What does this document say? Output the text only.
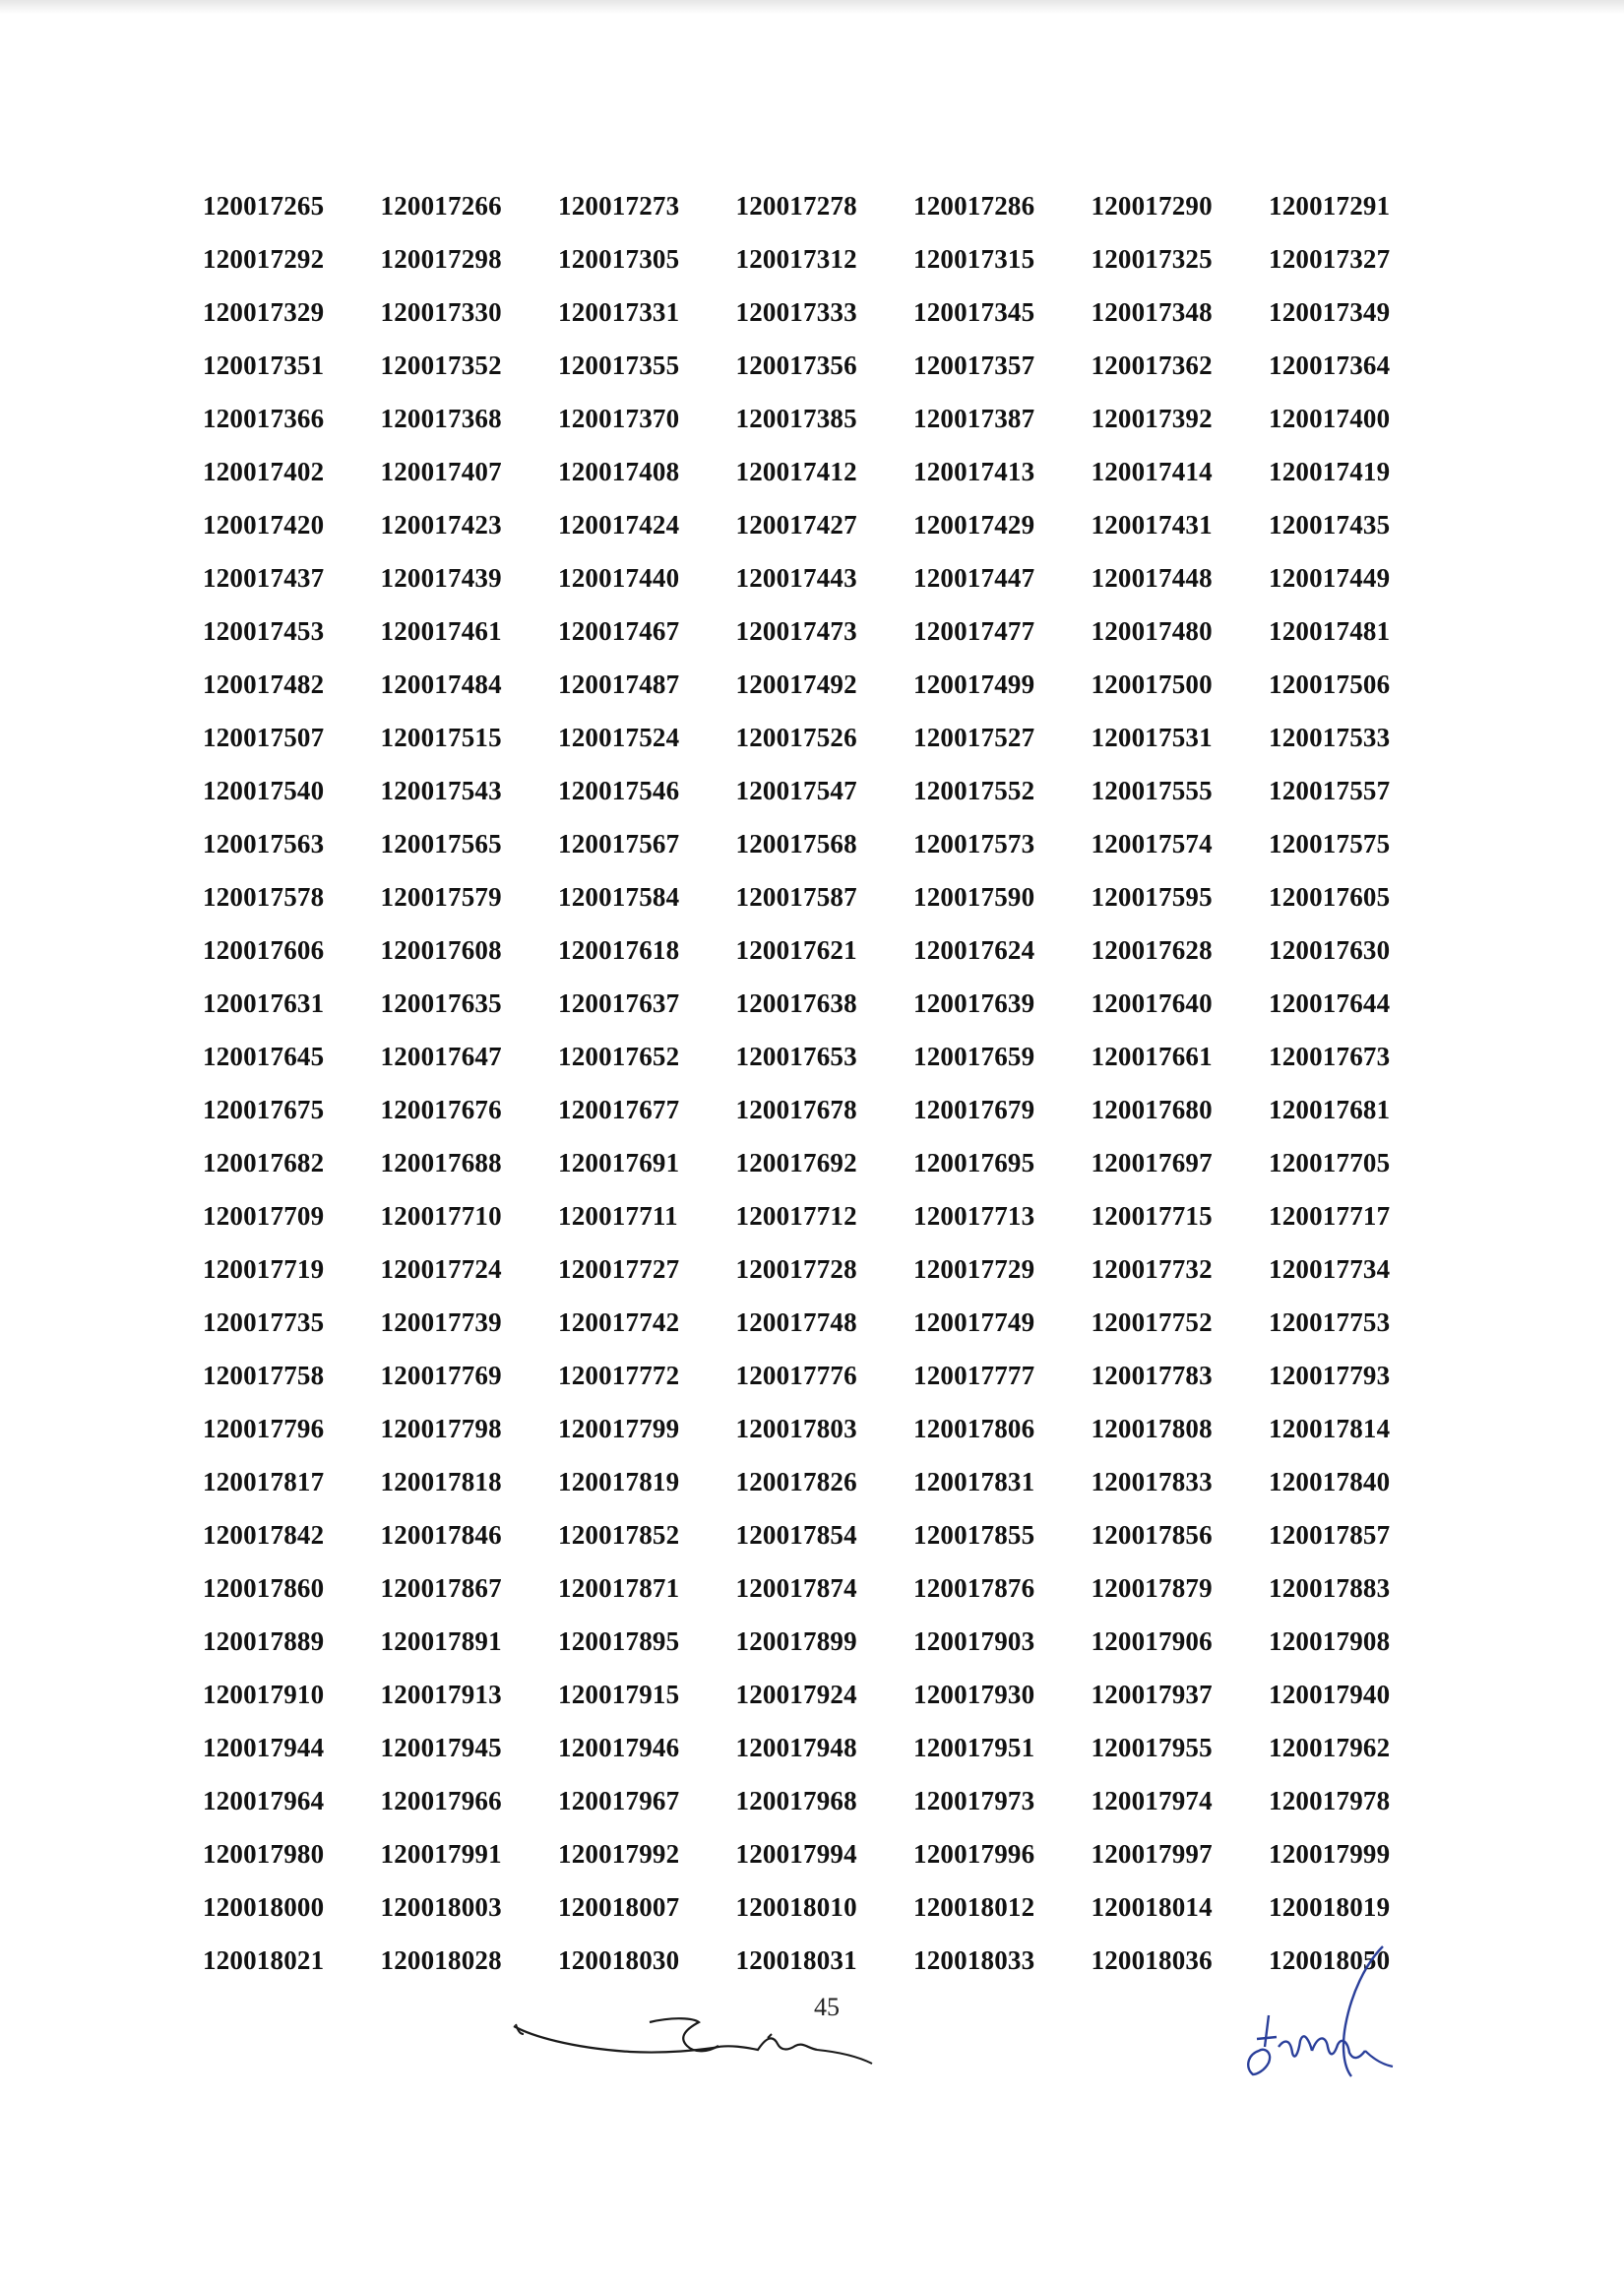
120017265	120017266	120017273	120017278	120017286	120017290	120017291
120017292	120017298	120017305	120017312	120017315	120017325	120017327
120017329	120017330	120017331	120017333	120017345	120017348	120017349
120017351	120017352	120017355	120017356	120017357	120017362	120017364
120017366	120017368	120017370	120017385	120017387	120017392	120017400
120017402	120017407	120017408	120017412	120017413	120017414	120017419
120017420	120017423	120017424	120017427	120017429	120017431	120017435
120017437	120017439	120017440	120017443	120017447	120017448	120017449
120017453	120017461	120017467	120017473	120017477	120017480	120017481
120017482	120017484	120017487	120017492	120017499	120017500	120017506
120017507	120017515	120017524	120017526	120017527	120017531	120017533
120017540	120017543	120017546	120017547	120017552	120017555	120017557
120017563	120017565	120017567	120017568	120017573	120017574	120017575
120017578	120017579	120017584	120017587	120017590	120017595	120017605
120017606	120017608	120017618	120017621	120017624	120017628	120017630
120017631	120017635	120017637	120017638	120017639	120017640	120017644
120017645	120017647	120017652	120017653	120017659	120017661	120017673
120017675	120017676	120017677	120017678	120017679	120017680	120017681
120017682	120017688	120017691	120017692	120017695	120017697	120017705
120017709	120017710	120017711	120017712	120017713	120017715	120017717
120017719	120017724	120017727	120017728	120017729	120017732	120017734
120017735	120017739	120017742	120017748	120017749	120017752	120017753
120017758	120017769	120017772	120017776	120017777	120017783	120017793
120017796	120017798	120017799	120017803	120017806	120017808	120017814
120017817	120017818	120017819	120017826	120017831	120017833	120017840
120017842	120017846	120017852	120017854	120017855	120017856	120017857
120017860	120017867	120017871	120017874	120017876	120017879	120017883
120017889	120017891	120017895	120017899	120017903	120017906	120017908
120017910	120017913	120017915	120017924	120017930	120017937	120017940
120017944	120017945	120017946	120017948	120017951	120017955	120017962
120017964	120017966	120017967	120017968	120017973	120017974	120017978
120017980	120017991	120017992	120017994	120017996	120017997	120017999
120018000	120018003	120018007	120018010	120018012	120018014	120018019
120018021	120018028	120018030	120018031	120018033	120018036	120018050
45
